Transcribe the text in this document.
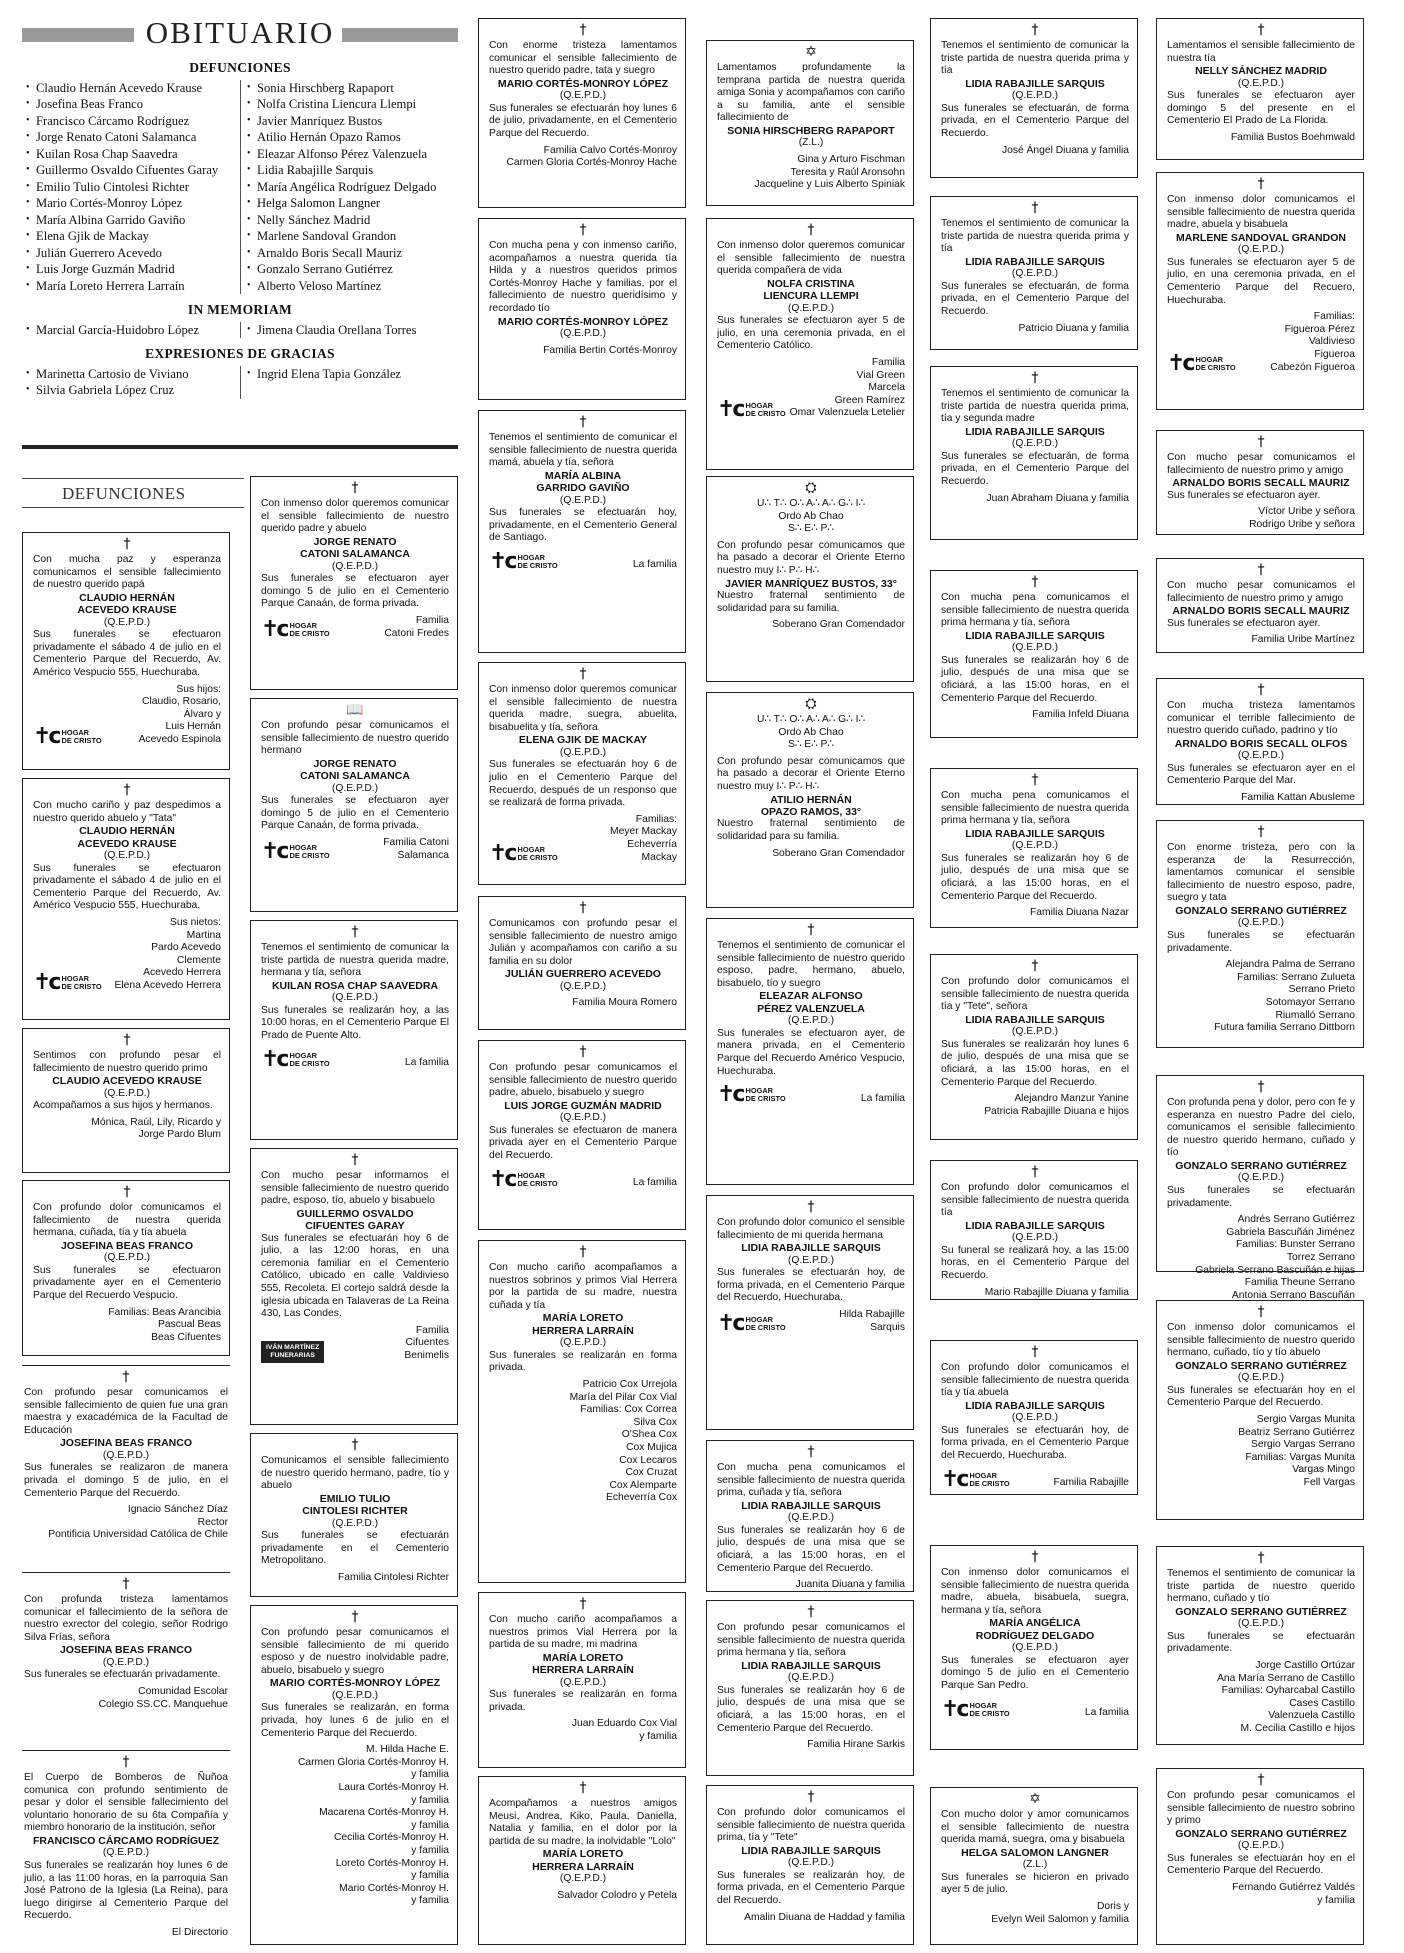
OBITUARIO
DEFUNCIONES
• Claudio Hernán Acevedo Krause
• Josefina Beas Franco
• Francisco Cárcamo Rodríguez
• Jorge Renato Catoni Salamanca
• Kuilan Rosa Chap Saavedra
• Guillermo Osvaldo Cifuentes Garay
• Emilio Tulio Cintolesi Richter
• Mario Cortés-Monroy López
• María Albina Garrido Gaviño
• Elena Gjik de Mackay
• Julián Guerrero Acevedo
• Luis Jorge Guzmán Madrid
• María Loreto Herrera Larraín
• Sonia Hirschberg Rapaport
• Nolfa Cristina Liencura Llempi
• Javier Manríquez Bustos
• Atilio Hernán Opazo Ramos
• Eleazar Alfonso Pérez Valenzuela
• Lidia Rabajille Sarquis
• María Angélica Rodríguez Delgado
• Helga Salomon Langner
• Nelly Sánchez Madrid
• Marlene Sandoval Grandon
• Arnaldo Boris Secall Mauriz
• Gonzalo Serrano Gutiérrez
• Alberto Veloso Martínez
IN MEMORIAM
• Marcial García-Huidobro López
•	Jimena Claudia Orellana Torres
EXPRESIONES DE GRACIAS
• Marinetta Cartosio de Viviano
• Silvia Gabriela López Cruz
• Ingrid Elena Tapia González
DEFUNCIONES
†
Con mucha paz y esperanza comunicamos el sensible fallecimiento de nuestro querido papá
CLAUDIO HERNÁN
ACEVEDO KRAUSE
(Q.E.P.D.)
Sus funerales se efectuaron privadamente el sábado 4 de julio en el Cementerio Parque del Recuerdo, Av. Américo Vespucio 555, Huechuraba.
✝c HOGAR
DE CRISTO
Sus hijos:
Claudio, Rosario,
Álvaro y
Luis Hernán
Acevedo Espinola
†
Con mucho cariño y paz despedimos a nuestro querido abuelo y "Tata"
CLAUDIO HERNÁN
ACEVEDO KRAUSE
(Q.E.P.D.)
Sus funerales se efectuaron privadamente el sábado 4 de julio en el Cementerio Parque del Recuerdo, Av. Américo Vespucio 555, Huechuraba.
✝c HOGAR
DE CRISTO
Sus nietos:
Martina
Pardo Acevedo
Clemente
Acevedo Herrera
Elena Acevedo Herrera
†
Sentimos con profundo pesar el fallecimiento de nuestro querido primo
CLAUDIO ACEVEDO KRAUSE
(Q.E.P.D.)
Acompañamos a sus hijos y hermanos.
Mónica, Raúl, Lily, Ricardo y
Jorge Pardo Blum
†
Con profundo dolor comunicamos el fallecimiento de nuestra querida hermana, cuñada, tía y tía abuela
JOSEFINA BEAS FRANCO
(Q.E.P.D.)
Sus funerales se efectuaron privadamente ayer en el Cementerio Parque del Recuerdo Vespucio.
Familias: Beas Arancibia
Pascual Beas
Beas Cifuentes
†
Con profundo pesar comunicamos el sensible fallecimiento de quien fue una gran maestra y exacadémica de la Facultad de Educación
JOSEFINA BEAS FRANCO
(Q.E.P.D.)
Sus funerales se realizaron de manera privada el domingo 5 de julio, en el Cementerio Parque del Recuerdo.
Ignacio Sánchez Díaz
Rector
Pontificia Universidad Católica de Chile
†
Con profunda tristeza lamentamos comunicar el fallecimiento de la señora de nuestro exrector del colegio, señor Rodrigo Silva Frías, señora
JOSEFINA BEAS FRANCO
(Q.E.P.D.)
Sus funerales se efectuarán privadamente.
Comunidad Escolar
Colegio SS.CC. Manquehue
†
El Cuerpo de Bomberos de Ñuñoa comunica con profundo sentimiento de pesar y dolor el sensible fallecimiento del voluntario honorario de su 6ta Compañía y miembro honorario de la institución, señor
FRANCISCO CÁRCAMO RODRÍGUEZ
(Q.E.P.D.)
Sus funerales se realizarán hoy lunes 6 de julio, a las 11:00 horas, en la parroquia San José Patrono de la Iglesia (La Reina), para luego dirigirse al Cementerio Parque del Recuerdo.
El Directorio
†
Con inmenso dolor queremos comunicar el sensible fallecimiento de nuestro querido padre y abuelo
JORGE RENATO
CATONI SALAMANCA
(Q.E.P.D.)
Sus funerales se efectuaron ayer domingo 5 de julio en el Cementerio Parque Canaán, de forma privada.
✝c HOGAR
DE CRISTO
Familia
Catoni Fredes
📖
Con profundo pesar comunicamos el sensible fallecimiento de nuestro querido hermano
JORGE RENATO
CATONI SALAMANCA
(Q.E.P.D.)
Sus funerales se efectuaron ayer domingo 5 de julio en el Cementerio Parque Canaán, de forma privada.
✝c HOGAR
DE CRISTO
Familia Catoni
Salamanca
†
Tenemos el sentimiento de comunicar la triste partida de nuestra querida madre, hermana y tía, señora
KUILAN ROSA CHAP SAAVEDRA
(Q.E.P.D.)
Sus funerales se realizarán hoy, a las 10:00 horas, en el Cementerio Parque El Prado de Puente Alto.
✝c HOGAR
DE CRISTO	La familia
†
Con mucho pesar informamos el sensible fallecimiento de nuestro querido padre, esposo, tío, abuelo y bisabuelo
GUILLERMO OSVALDO
CIFUENTES GARAY
Sus funerales se efectuarán hoy 6 de julio, a las 12:00 horas, en una ceremonia familiar en el Cementerio Católico, ubicado en calle Valdivieso 555, Recoleta. El cortejo saldrá desde la iglesia ubicada en Talaveras de La Reina 430, Las Condes.
IVÁN MARTÍNEZ
FUNERARIAS
Familia
Cifuentes
Benimelis
†
Comunicamos el sensible fallecimiento de nuestro querido hermano, padre, tío y abuelo
EMILIO TULIO
CINTOLESI RICHTER
(Q.E.P.D.)
Sus funerales se efectuarán privadamente en el Cementerio Metropolitano.
Familia Cintolesi Richter
†
Con profundo pesar comunicamos el sensible fallecimiento de mi querido esposo y de nuestro inolvidable padre, abuelo, bisabuelo y suegro
MARIO CORTÉS-MONROY LÓPEZ
(Q.E.P.D.)
Sus funerales se realizarán, en forma privada, hoy lunes 6 de julio en el Cementerio Parque del Recuerdo.
M. Hilda Hache E.
Carmen Gloria Cortés-Monroy H.
y familia
Laura Cortés-Monroy H.
y familia
Macarena Cortés-Monroy H.
y familia
Cecilia Cortés-Monroy H.
y familia
Loreto Cortés-Monroy H.
y familia
Mario Cortés-Monroy H.
y familia
†
Con enorme tristeza lamentamos comunicar el sensible fallecimiento de nuestro querido padre, tata y suegro
MARIO CORTÉS-MONROY LÓPEZ
(Q.E.P.D.)
Sus funerales se efectuarán hoy lunes 6 de julio, privadamente, en el Cementerio Parque del Recuerdo.
Familia Calvo Cortés-Monroy
Carmen Gloria Cortés-Monroy Hache
†
Con mucha pena y con inmenso cariño, acompañamos a nuestra querida tía Hilda y a nuestros queridos primos Cortés-Monroy Hache y familias, por el fallecimiento de nuestro queridísimo y recordado tío
MARIO CORTÉS-MONROY LÓPEZ
(Q.E.P.D.)
Familia Bertin Cortés-Monroy
†
Tenemos el sentimiento de comunicar el sensible fallecimiento de nuestra querida mamá, abuela y tía, señora
MARÍA ALBINA
GARRIDO GAVIÑO
(Q.E.P.D.)
Sus funerales se efectuarán hoy, privadamente, en el Cementerio General de Santiago.
✝c HOGAR
DE CRISTO	La familia
†
Con inmenso dolor queremos comunicar el sensible fallecimiento de nuestra querida madre, suegra, abuelita, bisabuelita y tía, señora
ELENA GJIK DE MACKAY
(Q.E.P.D.)
Sus funerales se efectuarán hoy 6 de julio en el Cementerio Parque del Recuerdo, después de un responso que se realizará de forma privada.
✝c HOGAR
DE CRISTO
Familias:
Meyer Mackay
Echeverría
Mackay
†
Comunicamos con profundo pesar el sensible fallecimiento de nuestro amigo Julián y acompañamos con cariño a su familia en su dolor
JULIÁN GUERRERO ACEVEDO
(Q.E.P.D.)
Familia Moura Romero
†
Con profundo pesar comunicamos el sensible fallecimiento de nuestro querido padre, abuelo, bisabuelo y suegro
LUIS JORGE GUZMÁN MADRID
(Q.E.P.D.)
Sus funerales se efectuaron de manera privada ayer en el Cementerio Parque del Recuerdo.
✝c HOGAR
DE CRISTO	La familia
†
Con mucho cariño acompañamos a nuestros sobrinos y primos Vial Herrera por la partida de su madre, nuestra cuñada y tía
MARÍA LORETO
HERRERA LARRAÍN
(Q.E.P.D.)
Sus funerales se realizarán en forma privada.
Patricio Cox Urrejola
María del Pilar Cox Vial
Familias: Cox Correa
Silva Cox
O'Shea Cox
Cox Mujica
Cox Lecaros
Cox Cruzat
Cox Alemparte
Echeverría Cox
†
Con mucho cariño acompañamos a nuestros primos Vial Herrera por la partida de su madre, mi madrina
MARÍA LORETO
HERRERA LARRAÍN
(Q.E.P.D.)
Sus funerales se realizarán en forma privada.
Juan Eduardo Cox Vial
y familia
†
Acompañamos a nuestros amigos Meusi, Andrea, Kiko, Paula, Daniella, Natalia y familia, en el dolor por la partida de su madre, la inolvidable "Lolo"
MARÍA LORETO
HERRERA LARRAÍN
(Q.E.P.D.)
Salvador Colodro y Petela
✡
Lamentamos profundamente la temprana partida de nuestra querida amiga Sonia y acompañamos con cariño a su familia, ante el sensible fallecimiento de
SONIA HIRSCHBERG RAPAPORT
(Z.L.)
Gina y Arturo Fischman
Teresita y Raúl Aronsohn
Jacqueline y Luis Alberto Spiniak
†
Con inmenso dolor queremos comunicar el sensible fallecimiento de nuestra querida compañera de vida
NOLFA CRISTINA
LIENCURA LLEMPI
(Q.E.P.D.)
Sus funerales se efectuaron ayer 5 de julio, en una ceremonia privada, en el Cementerio Católico.
✝c HOGAR
DE CRISTO
Familia
Vial Green
Marcela
Green Ramírez
Omar Valenzuela Letelier
⛭
U∴ T∴ O∴ A∴ A∴ G∴ I∴
Ordo Ab Chao
S∴ E∴ P∴
Con profundo pesar comunicamos que ha pasado a decorar el Oriente Eterno nuestro muy I∴ P∴ H∴
JAVIER MANRÍQUEZ BUSTOS, 33°
Nuestro fraternal sentimiento de solidaridad para su familia.
Soberano Gran Comendador
⛭
U∴ T∴ O∴ A∴ A∴ G∴ I∴
Ordo Ab Chao
S∴ E∴ P∴
Con profundo pesar comunicamos que ha pasado a decorar el Oriente Eterno nuestro muy I∴ P∴ H∴
ATILIO HERNÁN
OPAZO RAMOS, 33°
Nuestro fraternal sentimiento de solidaridad para su familia.
Soberano Gran Comendador
†
Tenemos el sentimiento de comunicar el sensible fallecimiento de nuestro querido esposo, padre, hermano, abuelo, bisabuelo, tío y suegro
ELEAZAR ALFONSO
PÉREZ VALENZUELA
(Q.E.P.D.)
Sus funerales se efectuaron ayer, de manera privada, en el Cementerio Parque del Recuerdo Américo Vespucio, Huechuraba.
✝c HOGAR
DE CRISTO	La familia
†
Con profundo dolor comunico el sensible fallecimiento de mi querida hermana
LIDIA RABAJILLE SARQUIS
(Q.E.P.D.)
Sus funerales se efectuarán hoy, de forma privada, en el Cementerio Parque del Recuerdo, Huechuraba.
✝c HOGAR
DE CRISTO
Hilda Rabajille
Sarquis
†
Con mucha pena comunicamos el sensible fallecimiento de nuestra querida prima, cuñada y tía, señora
LIDIA RABAJILLE SARQUIS
(Q.E.P.D.)
Sus funerales se realizarán hoy 6 de julio, después de una misa que se oficiará, a las 15:00 horas, en el Cementerio Parque del Recuerdo.
Juanita Diuana y familia
†
Con profundo pesar comunicamos el sensible fallecimiento de nuestra querida prima hermana y tía, señora
LIDIA RABAJILLE SARQUIS
(Q.E.P.D.)
Sus funerales se realizarán hoy 6 de julio, después de una misa que se oficiará, a las 15:00 horas, en el Cementerio Parque del Recuerdo.
Familia Hirane Sarkis
†
Con profundo dolor comunicamos el sensible fallecimiento de nuestra querida prima, tía y "Tete"
LIDIA RABAJILLE SARQUIS
(Q.E.P.D.)
Sus funerales se realizarán hoy, de forma privada, en el Cementerio Parque del Recuerdo.
Amalin Diuana de Haddad y familia
†
Tenemos el sentimiento de comunicar la triste partida de nuestra querida prima y tía
LIDIA RABAJILLE SARQUIS
(Q.E.P.D.)
Sus funerales se efectuarán, de forma privada, en el Cementerio Parque del Recuerdo.
José Ángel Diuana y familia
†
Tenemos el sentimiento de comunicar la triste partida de nuestra querida prima y tía
LIDIA RABAJILLE SARQUIS
(Q.E.P.D.)
Sus funerales se efectuarán, de forma privada, en el Cementerio Parque del Recuerdo.
Patricio Diuana y familia
†
Tenemos el sentimiento de comunicar la triste partida de nuestra querida prima, tía y segunda madre
LIDIA RABAJILLE SARQUIS
(Q.E.P.D.)
Sus funerales se efectuarán, de forma privada, en el Cementerio Parque del Recuerdo.
Juan Abraham Diuana y familia
†
Con mucha pena comunicamos el sensible fallecimiento de nuestra querida prima hermana y tía, señora
LIDIA RABAJILLE SARQUIS
(Q.E.P.D.)
Sus funerales se realizarán hoy 6 de julio, después de una misa que se oficiará, a las 15:00 horas, en el Cementerio Parque del Recuerdo.
Familia Infeld Diuana
†
Con mucha pena comunicamos el sensible fallecimiento de nuestra querida prima hermana y tía, señora
LIDIA RABAJILLE SARQUIS
(Q.E.P.D.)
Sus funerales se realizarán hoy 6 de julio, después de una misa que se oficiará, a las 15:00 horas, en el Cementerio Parque del Recuerdo.
Familia Diuana Nazar
†
Con profundo dolor comunicamos el sensible fallecimiento de nuestra querida tía y "Tete", señora
LIDIA RABAJILLE SARQUIS
(Q.E.P.D.)
Sus funerales se realizarán hoy lunes 6 de julio, después de una misa que se oficiará, a las 15:00 horas, en el Cementerio Parque del Recuerdo.
Alejandro Manzur Yanine
Patricia Rabajille Diuana e hijos
†
Con profundo dolor comunicamos el sensible fallecimiento de nuestra querida tía
LIDIA RABAJILLE SARQUIS
(Q.E.P.D.)
Su funeral se realizará hoy, a las 15:00 horas, en el Cementerio Parque del Recuerdo.
Mario Rabajille Diuana y familia
†
Con profundo dolor comunicamos el sensible fallecimiento de nuestra querida tía y tía abuela
LIDIA RABAJILLE SARQUIS
(Q.E.P.D.)
Sus funerales se efectuarán hoy, de forma privada, en el Cementerio Parque del Recuerdo, Huechuraba.
✝c HOGAR
DE CRISTO	Familia Rabajille
†
Con inmenso dolor comunicamos el sensible fallecimiento de nuestra querida madre, abuela, bisabuela, suegra, hermana y tía, señora
MARÍA ANGÉLICA
RODRÍGUEZ DELGADO
(Q.E.P.D.)
Sus funerales se efectuaron ayer domingo 5 de julio en el Cementerio Parque San Pedro.
✝c HOGAR
DE CRISTO	La familia
✡
Con mucho dolor y amor comunicamos el sensible fallecimiento de nuestra querida mamá, suegra, oma y bisabuela
HELGA SALOMON LANGNER
(Z.L.)
Sus funerales se hicieron en privado ayer 5 de julio.
Doris y
Evelyn Weil Salomon y familia
†
Lamentamos el sensible fallecimiento de nuestra tía
NELLY SÁNCHEZ MADRID
(Q.E.P.D.)
Sus funerales se efectuaron ayer domingo 5 del presente en el Cementerio El Prado de La Florida.
Familia Bustos Boehmwald
†
Con inmenso dolor comunicamos el sensible fallecimiento de nuestra querida madre, abuela y bisabuela
MARLENE SANDOVAL GRANDON
(Q.E.P.D.)
Sus funerales se efectuaron ayer 5 de julio, en una ceremonia privada, en el Cementerio Parque del Recuero, Huechuraba.
✝c HOGAR
DE CRISTO
Familias:
Figueroa Pérez
Valdivieso
Figueroa
Cabezón Figueroa
†
Con mucho pesar comunicamos el fallecimiento de nuestro primo y amigo
ARNALDO BORIS SECALL MAURIZ
Sus funerales se efectuaron ayer.
Víctor Uribe y señora
Rodrigo Uribe y señora
†
Con mucho pesar comunicamos el fallecimiento de nuestro primo y amigo
ARNALDO BORIS SECALL MAURIZ
Sus funerales se efectuaron ayer.
Familia Uribe Martínez
†
Con mucha tristeza lamentamos comunicar el terrible fallecimiento de nuestro querido cuñado, padrino y tío
ARNALDO BORIS SECALL OLFOS
(Q.E.P.D.)
Sus funerales se efectuaron ayer en el Cementerio Parque del Mar.
Familia Kattan Abusleme
†
Con enorme tristeza, pero con la esperanza de la Resurrección, lamentamos comunicar el sensible fallecimiento de nuestro esposo, padre, suegro y tata
GONZALO SERRANO GUTIÉRREZ
(Q.E.P.D.)
Sus funerales se efectuarán privadamente.
Alejandra Palma de Serrano
Familias: Serrano Zulueta
Serrano Prieto
Sotomayor Serrano
Riumalló Serrano
Futura familia Serrano Dittborn
†
Con profunda pena y dolor, pero con fe y esperanza en nuestro Padre del cielo, comunicamos el sensible fallecimiento de nuestro querido hermano, cuñado y tío
GONZALO SERRANO GUTIÉRREZ
(Q.E.P.D.)
Sus funerales se efectuarán privadamente.
Andrés Serrano Gutiérrez
Gabriela Bascuñán Jiménez
Familias: Bunster Serrano
Torrez Serrano
Gabriela Serrano Bascuñán e hijas
Familia Theune Serrano
Antonia Serrano Bascuñán
†
Con inmenso dolor comunicamos el sensible fallecimiento de nuestro querido hermano, cuñado, tío y tío abuelo
GONZALO SERRANO GUTIÉRREZ
(Q.E.P.D.)
Sus funerales se efectuarán hoy en el Cementerio Parque del Recuerdo.
Sergio Vargas Munita
Beatriz Serrano Gutiérrez
Sergio Vargas Serrano
Familias: Vargas Munita
Vargas Mingo
Fell Vargas
†
Tenemos el sentimiento de comunicar la triste partida de nuestro querido hermano, cuñado y tío
GONZALO SERRANO GUTIÉRREZ
(Q.E.P.D.)
Sus funerales se efectuarán privadamente.
Jorge Castillo Ortúzar
Ana María Serrano de Castillo
Familias: Oyharcabal Castillo
Cases Castillo
Valenzuela Castillo
M. Cecilia Castillo e hijos
†
Con profundo pesar comunicamos el sensible fallecimiento de nuestro sobrino y primo
GONZALO SERRANO GUTIÉRREZ
(Q.E.P.D.)
Sus funerales se efectuarán hoy en el Cementerio Parque del Recuerdo.
Fernando Gutiérrez Valdés
y familia
